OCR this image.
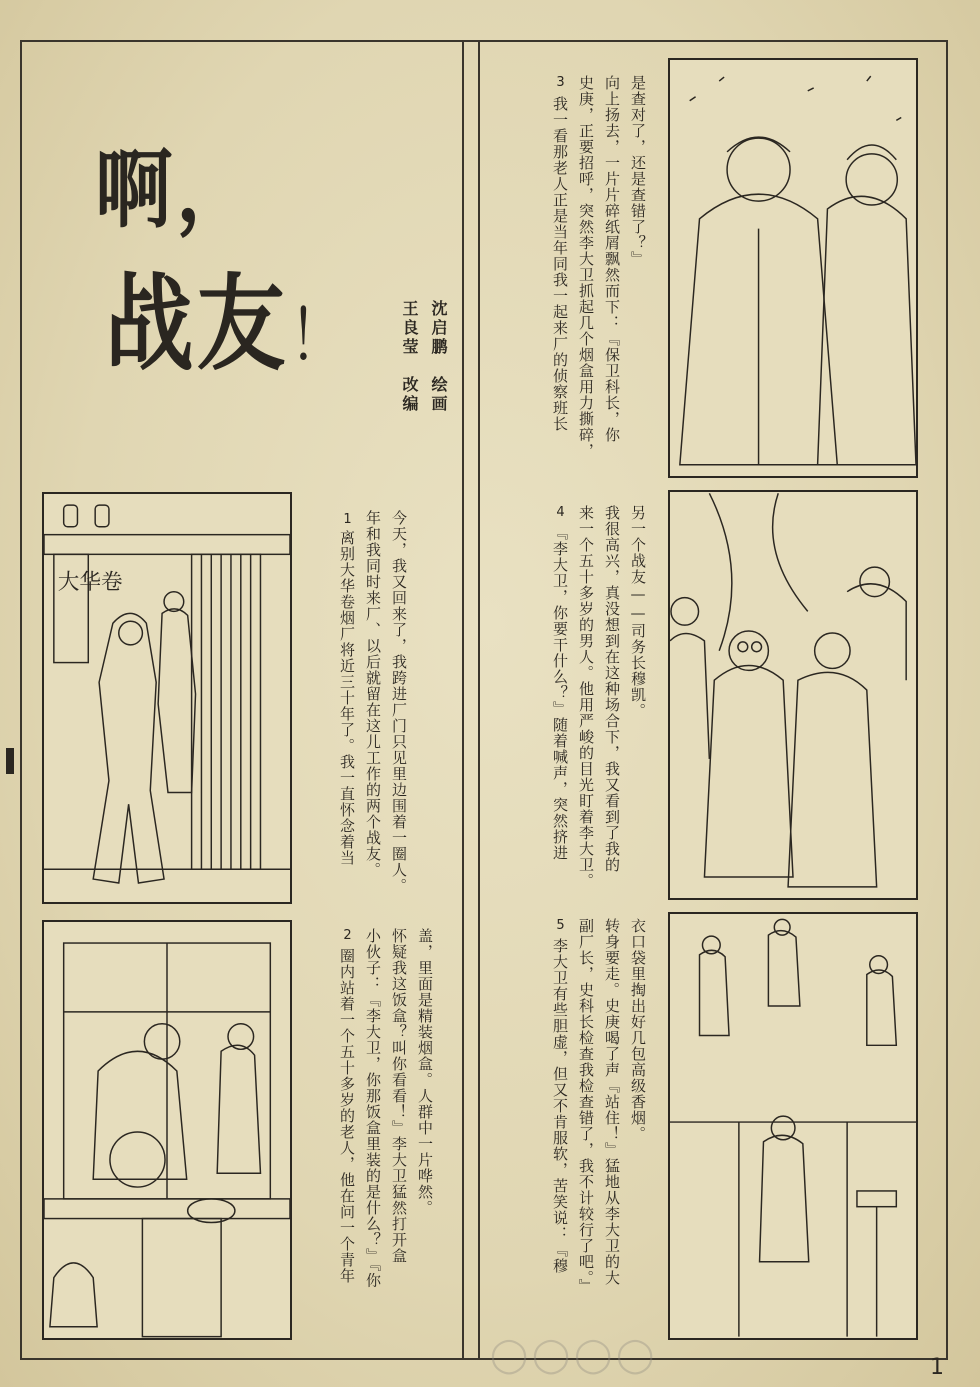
啊，
战友！	沈启鹏　绘画
王良莹　改编
1
离别大华卷烟厂将近三十年了。我一直怀念着当 年和我同时来厂、以后就留在这儿工作的两个战友。 今天，我又回来了，我跨进厂门只见里边围着一圈人。
2
圈内站着一个五十多岁的老人，他在问一个青年 小伙子：『李大卫，你那饭盒里装的是什么？』『你 怀疑我这饭盒？叫你看看！』李大卫猛然打开盒 盖，里面是精装烟盒。人群中一片哗然。
3
我一看那老人正是当年同我一起来厂的侦察班长 史庚，正要招呼，突然李大卫抓起几个烟盒用力撕碎， 向上扬去，一片片碎纸屑飘然而下：『保卫科长，你 是查对了，还是查错了？』
4
『李大卫，你要干什么？』随着喊声，突然挤进 来一个五十多岁的男人。他用严峻的目光盯着李大卫。 我很高兴，真没想到在这种场合下，我又看到了我的 另一个战友——司务长穆凯。
5
李大卫有些胆虚，但又不肯服软，苦笑说：『穆 副厂长，史科长检查我检查错了，我不计较行了吧。』 转身要走。史庚喝了声『站住！』猛地从李大卫的大 衣口袋里掏出好几包高级香烟。
大华卷
◯◯◯◯	1
